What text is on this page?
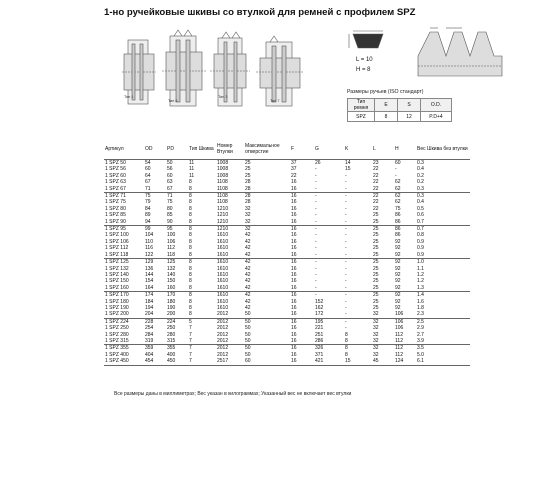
1-но ручейковые шкивы со втулкой для ремней с профилем SPZ
Тип 1
Тип 6
Тип 3
Тип 7
L = 10
H = 8
Размеры ручьев (ISO стандарт)
Тип ремня	E	S	O.D.
SPZ	8	12	P.D+4
Артикул	OD	PD	Тип Шкива	Номер Втулки	Максимальное отверстие	F	G	K	L	H	Вес Шкива без втулки
1 SPZ 50	54	50	11	1008	25	37	26	14	23	60	0.3
1 SPZ 56	60	56	11	1008	25	37	-	15	22	-	0.4
1 SPZ 60	64	60	11	1008	25	22	-	-	22	-	0.2
1 SPZ 63	67	63	8	1108	28	16	-	-	22	62	0.2
1 SPZ 67	71	67	8	1108	28	16	-	-	22	62	0.3
1 SPZ 71	75	71	8	1108	28	16	-	-	22	62	0.3
1 SPZ 75	79	75	8	1108	28	16	-	-	22	62	0.4
1 SPZ 80	84	80	8	1210	32	16	-	-	22	75	0.5
1 SPZ 85	89	85	8	1210	32	16	-	-	25	86	0.6
1 SPZ 90	94	90	8	1210	32	16	-	-	25	86	0.7
1 SPZ 95	99	95	8	1210	32	16	-	-	25	86	0.7
1 SPZ 100	104	100	8	1610	42	16	-	-	25	86	0.8
1 SPZ 106	110	106	8	1610	42	16	-	-	25	92	0.9
1 SPZ 112	116	112	8	1610	42	16	-	-	25	92	0.9
1 SPZ 118	122	118	8	1610	42	16	-	-	25	92	0.9
1 SPZ 125	129	125	8	1610	42	16	-	-	25	92	1.0
1 SPZ 132	136	132	8	1610	42	16	-	-	25	92	1.1
1 SPZ 140	144	140	8	1610	42	16	-	-	25	92	1.2
1 SPZ 150	154	150	8	1610	42	16	-	-	25	92	1.2
1 SPZ 160	164	160	8	1610	42	16	-	-	25	92	1.3
1 SPZ 170	174	170	8	1610	42	16	-	-	25	92	1.4
1 SPZ 180	184	180	8	1610	42	16	152	-	25	92	1.6
1 SPZ 190	194	190	8	1610	42	16	162	-	25	92	1.8
1 SPZ 200	204	200	8	2012	50	16	172	-	32	106	2.3
1 SPZ 224	228	224	5	2012	50	16	195	-	32	106	2.5
1 SPZ 250	254	250	7	2012	50	16	221	-	32	106	2.9
1 SPZ 280	284	280	7	2012	50	16	251	8	32	112	2.7
1 SPZ 315	319	315	7	2012	50	16	286	8	32	112	3.9
1 SPZ 355	359	355	7	2012	50	16	326	8	32	112	3.5
1 SPZ 400	404	400	7	2012	50	16	371	8	32	112	5.0
1 SPZ 450	454	450	7	2517	60	16	421	15	45	124	6.1
Все размеры даны в миллиметрах; Вес указан в килограммах; Указанный вес не включает вес втулки
